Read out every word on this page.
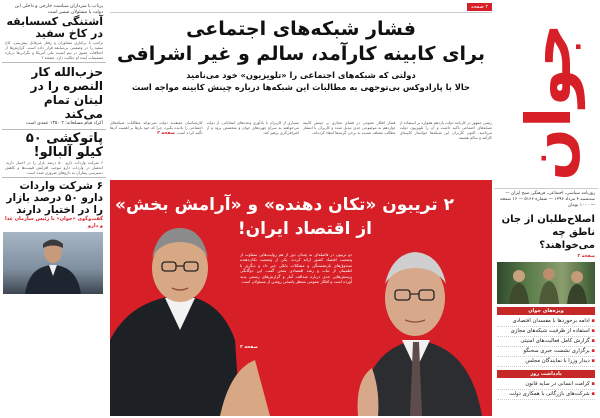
پرتاب با سرداران سیاست خارجی و داخلی این دولت با مسئولان شمیر است
آشتنگی کسسابقه در کاخ سفید
ترامپ با برکناری مشاوران و رفتار غیرقابل پیش‌بینی، کاخ سفید را در وضعیتی بی‌سابقه قرار داده است. گزارش‌ها از اختلافات عمیق در تیم امنیت ملی آمریکا و نگرانی‌ها درباره تصمیمات آینده او حکایت دارد. صفحه ۲
حزب‌الله کار النصره را در لبنان تمام می‌کند
اکراد قیام مسلحانه؛ ۲ ۱۳۵۰ عمدی است
پاتوکشی ۵۰ کیلو آلبالو!
۶ شرکت واردات دارو، ۵۰ درصد بازار را در اختیار دارند. انحصار در واردات دارو موجب افزایش قیمت‌ها و کاهش دسترسی بیماران به داروهای ضروری شده است.
۶ شرکت واردات دارو ۵۰ درصد بازار را در اختیار دارند
گفت‌وگوی «جوان» با رئیس سازمان غذا و دارو
۲ صفحه
فشار شبکه‌های اجتماعی
برای کابینه کارآمد، سالم و غیر اشرافی
دولتی که شبکه‌های اجتماعی را «تلویزیون» خود می‌نامید
حالا با پارادوکس بی‌توجهی به مطالبات این شبکه‌ها درباره چینش کابینه مواجه است
رئیس جمهور در کارنامه دولت یازدهم همواره بر استفاده از شبکه‌های اجتماعی تأکید داشت و آن را تلویزیون دولت می‌نامید. اکنون کاربران این شبکه‌ها خواستار کابینه‌ای کارآمد و سالم هستند.
فشار افکار عمومی در فضای مجازی بر چینش کابینه دوازدهم به موضوعی جدی تبدیل شده و کاربران با انتشار مطالب مختلف نسبت به برخی گزینه‌ها انتقاد کرده‌اند.
بسیاری از کاربران با یادآوری وعده‌های انتخاباتی، از دولت می‌خواهند به سراغ چهره‌های جوان و متخصص برود و از اشرافی‌گری پرهیز کند.
کارشناسان معتقدند دولت نمی‌تواند مطالبات شبکه‌های اجتماعی را نادیده بگیرد، چرا که خود بارها بر اهمیت آن‌ها تأکید کرده است. صفحه ۲
۲ تریبون «تکان دهنده» و «آرامش بخش»
از اقتصاد ایران!
دو تریبون در فاصله‌ای نه چندان دور از هم روایت‌هایی متفاوت از وضعیت اقتصاد کشور ارائه کردند. یکی از وضعیت تکان‌دهنده صندوق‌های بازنشستگی و مشکلات بانکی خبر داد و دیگری با اطمینان از ثبات و رشد اقتصادی سخن گفت. این دوگانگی پرسش‌هایی جدی درباره صداقت آمار و گزارش‌های رسمی پدید آورده است و افکار عمومی منتظر پاسخی روشن از مسئولان است.
صفحه ۲
جوان
روزنامه سیاسی، اجتماعی، فرهنگی صبح ایران — سه‌شنبه ۳ مرداد ۱۳۹۶ — شماره ۵۱۶۶ — ۱۶ صفحه — ۱۰۰۰ تومان
اصلاح‌طلبان از جان ناطق چه می‌خواهند؟
صفحه ۳
ویژه‌های جوان
▪ ادامه برخوردها با مفسدان اقتصادی
▪ استفاده از ظرفیت شبکه‌های مجازی
▪ گزارش کامل فعالیت‌های امنیتی
▪ برگزاری نشست خبری سخنگو
▪ دیدار وزرا با نمایندگان مجلس
یادداشت روز
▪ کرامت انسانی در سایه قانون
▪ شرکت‌های بازرگانی با همکاری دولت
